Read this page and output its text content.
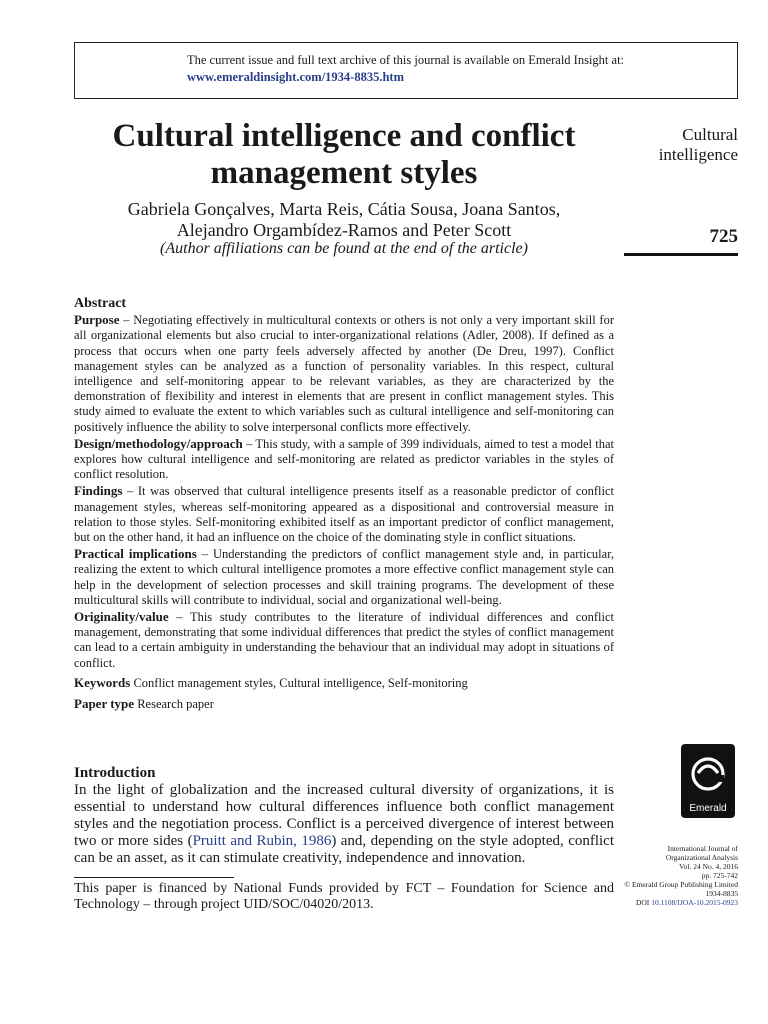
The current issue and full text archive of this journal is available on Emerald Insight at:
www.emeraldinsight.com/1934-8835.htm
Cultural intelligence and conflict
management styles
Gabriela Gonçalves, Marta Reis, Cátia Sousa, Joana Santos,
Alejandro Orgambídez-Ramos and Peter Scott
(Author affiliations can be found at the end of the article)
Cultural
intelligence
725
Abstract

Purpose – Negotiating effectively in multicultural contexts or others is not only a very important skill for all organizational elements but also crucial to inter-organizational relations (Adler, 2008). If defined as a process that occurs when one party feels adversely affected by another (De Dreu, 1997). Conflict management styles can be analyzed as a function of personality variables. In this respect, cultural intelligence and self-monitoring appear to be relevant variables, as they are characterized by the demonstration of flexibility and interest in elements that are present in conflict management styles. This study aimed to evaluate the extent to which variables such as cultural intelligence and self-monitoring can positively influence the ability to solve interpersonal conflicts more effectively.

Design/methodology/approach – This study, with a sample of 399 individuals, aimed to test a model that explores how cultural intelligence and self-monitoring are related as predictor variables in the styles of conflict resolution.

Findings – It was observed that cultural intelligence presents itself as a reasonable predictor of conflict management styles, whereas self-monitoring appeared as a dispositional and controversial measure in relation to those styles. Self-monitoring exhibited itself as an important predictor of conflict management, but on the other hand, it had an influence on the choice of the dominating style in conflict situations.

Practical implications – Understanding the predictors of conflict management style and, in particular, realizing the extent to which cultural intelligence promotes a more effective conflict management style can help in the development of selection processes and skill training programs. The development of these multicultural skills will contribute to individual, social and organizational well-being.

Originality/value – This study contributes to the literature of individual differences and conflict management, demonstrating that some individual differences that predict the styles of conflict management can lead to a certain ambiguity in understanding the behaviour that an individual may adopt in situations of conflict.

Keywords Conflict management styles, Cultural intelligence, Self-monitoring

Paper type Research paper

Emerald
Introduction

In the light of globalization and the increased cultural diversity of organizations, it is essential to understand how cultural differences influence both conflict management styles and the negotiation process. Conflict is a perceived divergence of interest between two or more sides (Pruitt and Rubin, 1986) and, depending on the style adopted, conflict can be an asset, as it can stimulate creativity, independence and innovation.

International Journal of
Organizational Analysis
Vol. 24 No. 4, 2016
pp. 725-742
© Emerald Group Publishing Limited
1934-8835
DOI 10.1108/IJOA-10.2015-0923
This paper is financed by National Funds provided by FCT – Foundation for Science and Technology – through project UID/SOC/04020/2013.
